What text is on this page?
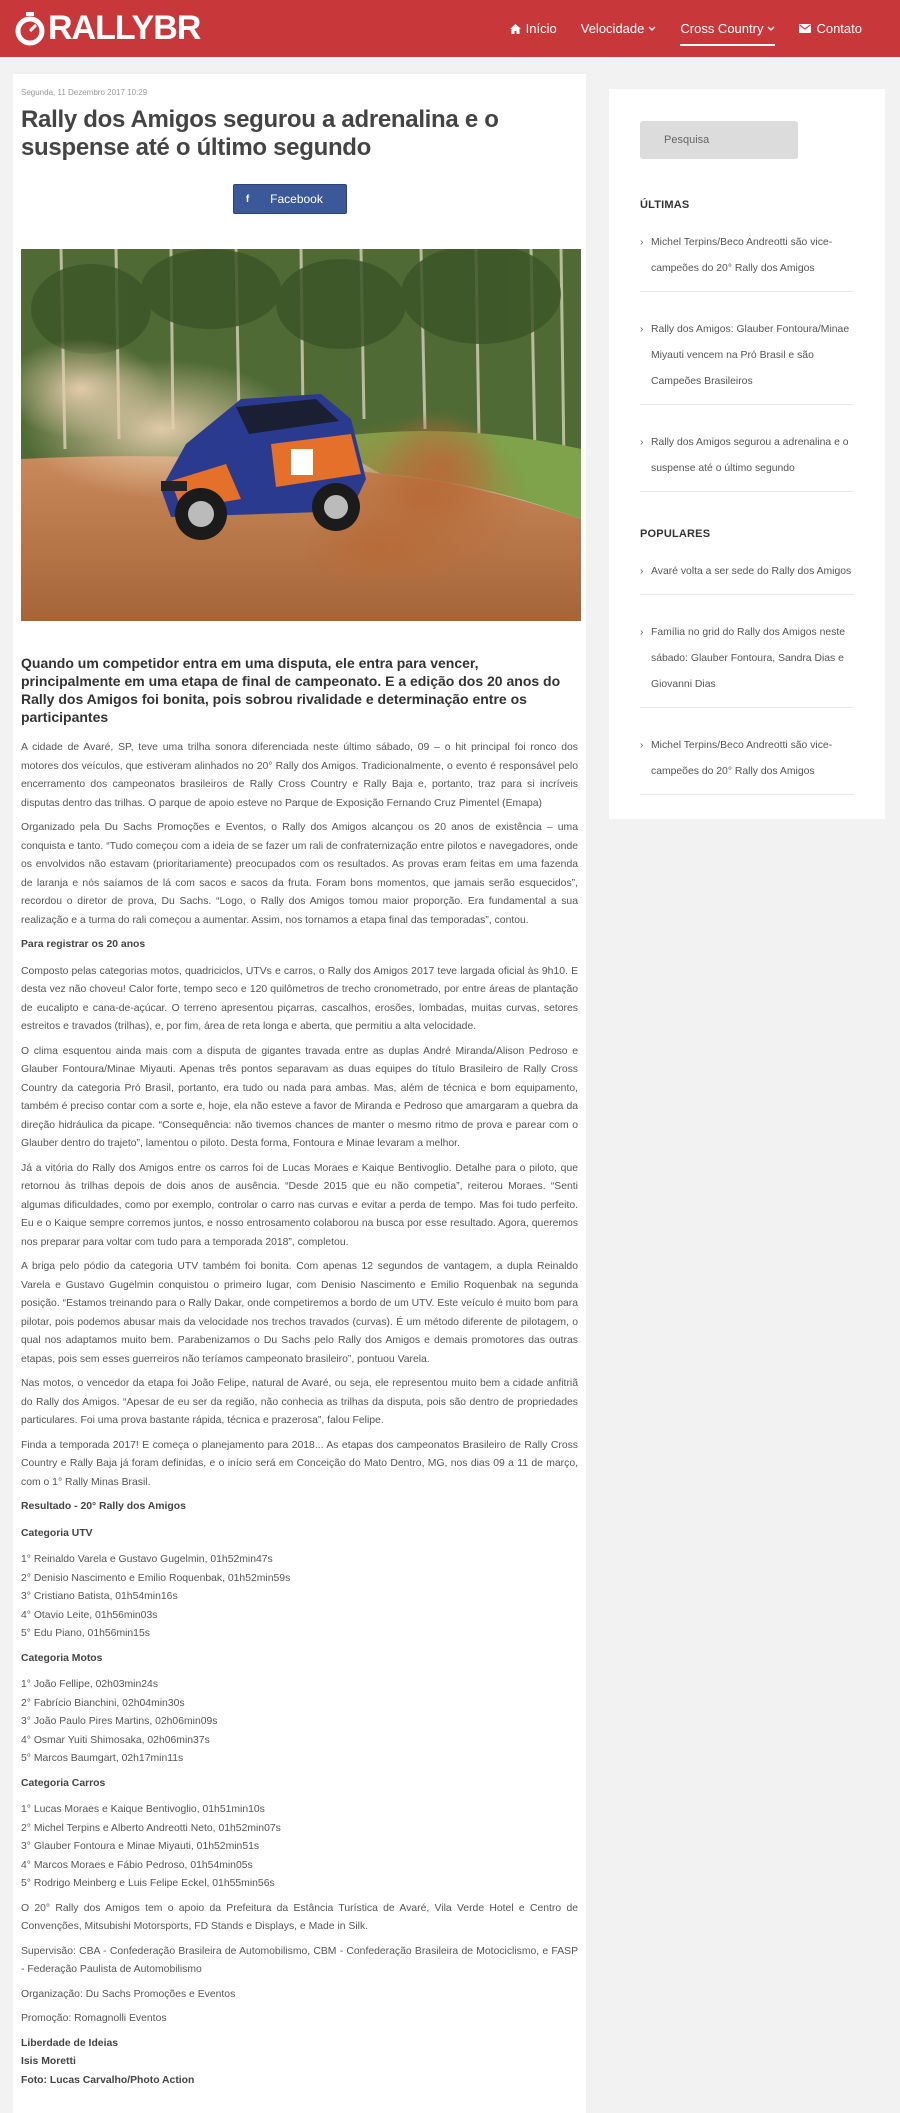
RALLYBR	Início Velocidade	Cross Country	Contato
Segunda, 11 Dezembro 2017 10:29
Rally dos Amigos segurou a adrenalina e o suspense até o último segundo
f	Facebook
Quando um competidor entra em uma disputa, ele entra para vencer, principalmente em uma etapa de final de campeonato. E a edição dos 20 anos do Rally dos Amigos foi bonita, pois sobrou rivalidade e determinação entre os participantes

A cidade de Avaré, SP, teve uma trilha sonora diferenciada neste último sábado, 09 – o hit principal foi ronco dos motores dos veículos, que estiveram alinhados no 20° Rally dos Amigos. Tradicionalmente, o evento é responsável pelo encerramento dos campeonatos brasileiros de Rally Cross Country e Rally Baja e, portanto, traz para si incríveis disputas dentro das trilhas. O parque de apoio esteve no Parque de Exposição Fernando Cruz Pimentel (Emapa)

Organizado pela Du Sachs Promoções e Eventos, o Rally dos Amigos alcançou os 20 anos de existência – uma conquista e tanto. “Tudo começou com a ideia de se fazer um rali de confraternização entre pilotos e navegadores, onde os envolvidos não estavam (prioritariamente) preocupados com os resultados. As provas eram feitas em uma fazenda de laranja e nós saíamos de lá com sacos e sacos da fruta. Foram bons momentos, que jamais serão esquecidos”, recordou o diretor de prova, Du Sachs. “Logo, o Rally dos Amigos tomou maior proporção. Era fundamental a sua realização e a turma do rali começou a aumentar. Assim, nos tornamos a etapa final das temporadas”, contou.

Para registrar os 20 anos

Composto pelas categorias motos, quadriciclos, UTVs e carros, o Rally dos Amigos 2017 teve largada oficial às 9h10. E desta vez não choveu! Calor forte, tempo seco e 120 quilômetros de trecho cronometrado, por entre áreas de plantação de eucalipto e cana-de-açúcar. O terreno apresentou piçarras, cascalhos, erosões, lombadas, muitas curvas, setores estreitos e travados (trilhas), e, por fim, área de reta longa e aberta, que permitiu a alta velocidade.

O clima esquentou ainda mais com a disputa de gigantes travada entre as duplas André Miranda/Alison Pedroso e Glauber Fontoura/Minae Miyauti. Apenas três pontos separavam as duas equipes do título Brasileiro de Rally Cross Country da categoria Pró Brasil, portanto, era tudo ou nada para ambas. Mas, além de técnica e bom equipamento, também é preciso contar com a sorte e, hoje, ela não esteve a favor de Miranda e Pedroso que amargaram a quebra da direção hidráulica da picape. “Consequência: não tivemos chances de manter o mesmo ritmo de prova e parear com o Glauber dentro do trajeto”, lamentou o piloto. Desta forma, Fontoura e Minae levaram a melhor.

Já a vitória do Rally dos Amigos entre os carros foi de Lucas Moraes e Kaique Bentivoglio. Detalhe para o piloto, que retornou às trilhas depois de dois anos de ausência. “Desde 2015 que eu não competia”, reiterou Moraes. “Senti algumas dificuldades, como por exemplo, controlar o carro nas curvas e evitar a perda de tempo. Mas foi tudo perfeito. Eu e o Kaique sempre corremos juntos, e nosso entrosamento colaborou na busca por esse resultado. Agora, queremos nos preparar para voltar com tudo para a temporada 2018”, completou.

A briga pelo pódio da categoria UTV também foi bonita. Com apenas 12 segundos de vantagem, a dupla Reinaldo Varela e Gustavo Gugelmin conquistou o primeiro lugar, com Denisio Nascimento e Emilio Roquenbak na segunda posição. “Estamos treinando para o Rally Dakar, onde competiremos a bordo de um UTV. Este veículo é muito bom para pilotar, pois podemos abusar mais da velocidade nos trechos travados (curvas). É um método diferente de pilotagem, o qual nos adaptamos muito bem. Parabenizamos o Du Sachs pelo Rally dos Amigos e demais promotores das outras etapas, pois sem esses guerreiros não teríamos campeonato brasileiro”, pontuou Varela.

Nas motos, o vencedor da etapa foi João Felipe, natural de Avaré, ou seja, ele representou muito bem a cidade anfitriã do Rally dos Amigos. “Apesar de eu ser da região, não conhecia as trilhas da disputa, pois são dentro de propriedades particulares. Foi uma prova bastante rápida, técnica e prazerosa”, falou Felipe.

Finda a temporada 2017! E começa o planejamento para 2018... As etapas dos campeonatos Brasileiro de Rally Cross Country e Rally Baja já foram definidas, e o início será em Conceição do Mato Dentro, MG, nos dias 09 a 11 de março, com o 1° Rally Minas Brasil.

Resultado - 20° Rally dos Amigos

Categoria UTV

1° Reinaldo Varela e Gustavo Gugelmin, 01h52min47s
2° Denisio Nascimento e Emilio Roquenbak, 01h52min59s
3° Cristiano Batista, 01h54min16s
4° Otavio Leite, 01h56min03s
5° Edu Piano, 01h56min15s

Categoria Motos

1° João Fellipe, 02h03min24s
2° Fabrício Bianchini, 02h04min30s
3° João Paulo Pires Martins, 02h06min09s
4° Osmar Yuiti Shimosaka, 02h06min37s
5° Marcos Baumgart, 02h17min11s

Categoria Carros

1° Lucas Moraes e Kaique Bentivoglio, 01h51min10s
2° Michel Terpins e Alberto Andreotti Neto, 01h52min07s
3° Glauber Fontoura e Minae Miyauti, 01h52min51s
4° Marcos Moraes e Fábio Pedroso, 01h54min05s
5° Rodrigo Meinberg e Luis Felipe Eckel, 01h55min56s

O 20° Rally dos Amigos tem o apoio da Prefeitura da Estância Turística de Avaré, Vila Verde Hotel e Centro de Convenções, Mitsubishi Motorsports, FD Stands e Displays, e Made in Silk.

Supervisão: CBA - Confederação Brasileira de Automobilismo, CBM - Confederação Brasileira de Motociclismo, e FASP - Federação Paulista de Automobilismo

Organização: Du Sachs Promoções e Eventos

Promoção: Romagnolli Eventos

Liberdade de Ideias
Isis Moretti
Foto: Lucas Carvalho/Photo Action
Pesquisa
ÚLTIMAS
› Michel Terpins/Beco Andreotti são vice-campeões do 20° Rally dos Amigos
› Rally dos Amigos: Glauber Fontoura/Minae Miyauti vencem na Pró Brasil e são Campeões Brasileiros
› Rally dos Amigos segurou a adrenalina e o suspense até o último segundo
POPULARES
› Avaré volta a ser sede do Rally dos Amigos
› Família no grid do Rally dos Amigos neste sábado: Glauber Fontoura, Sandra Dias e Giovanni Dias
› Michel Terpins/Beco Andreotti são vice-campeões do 20° Rally dos Amigos
